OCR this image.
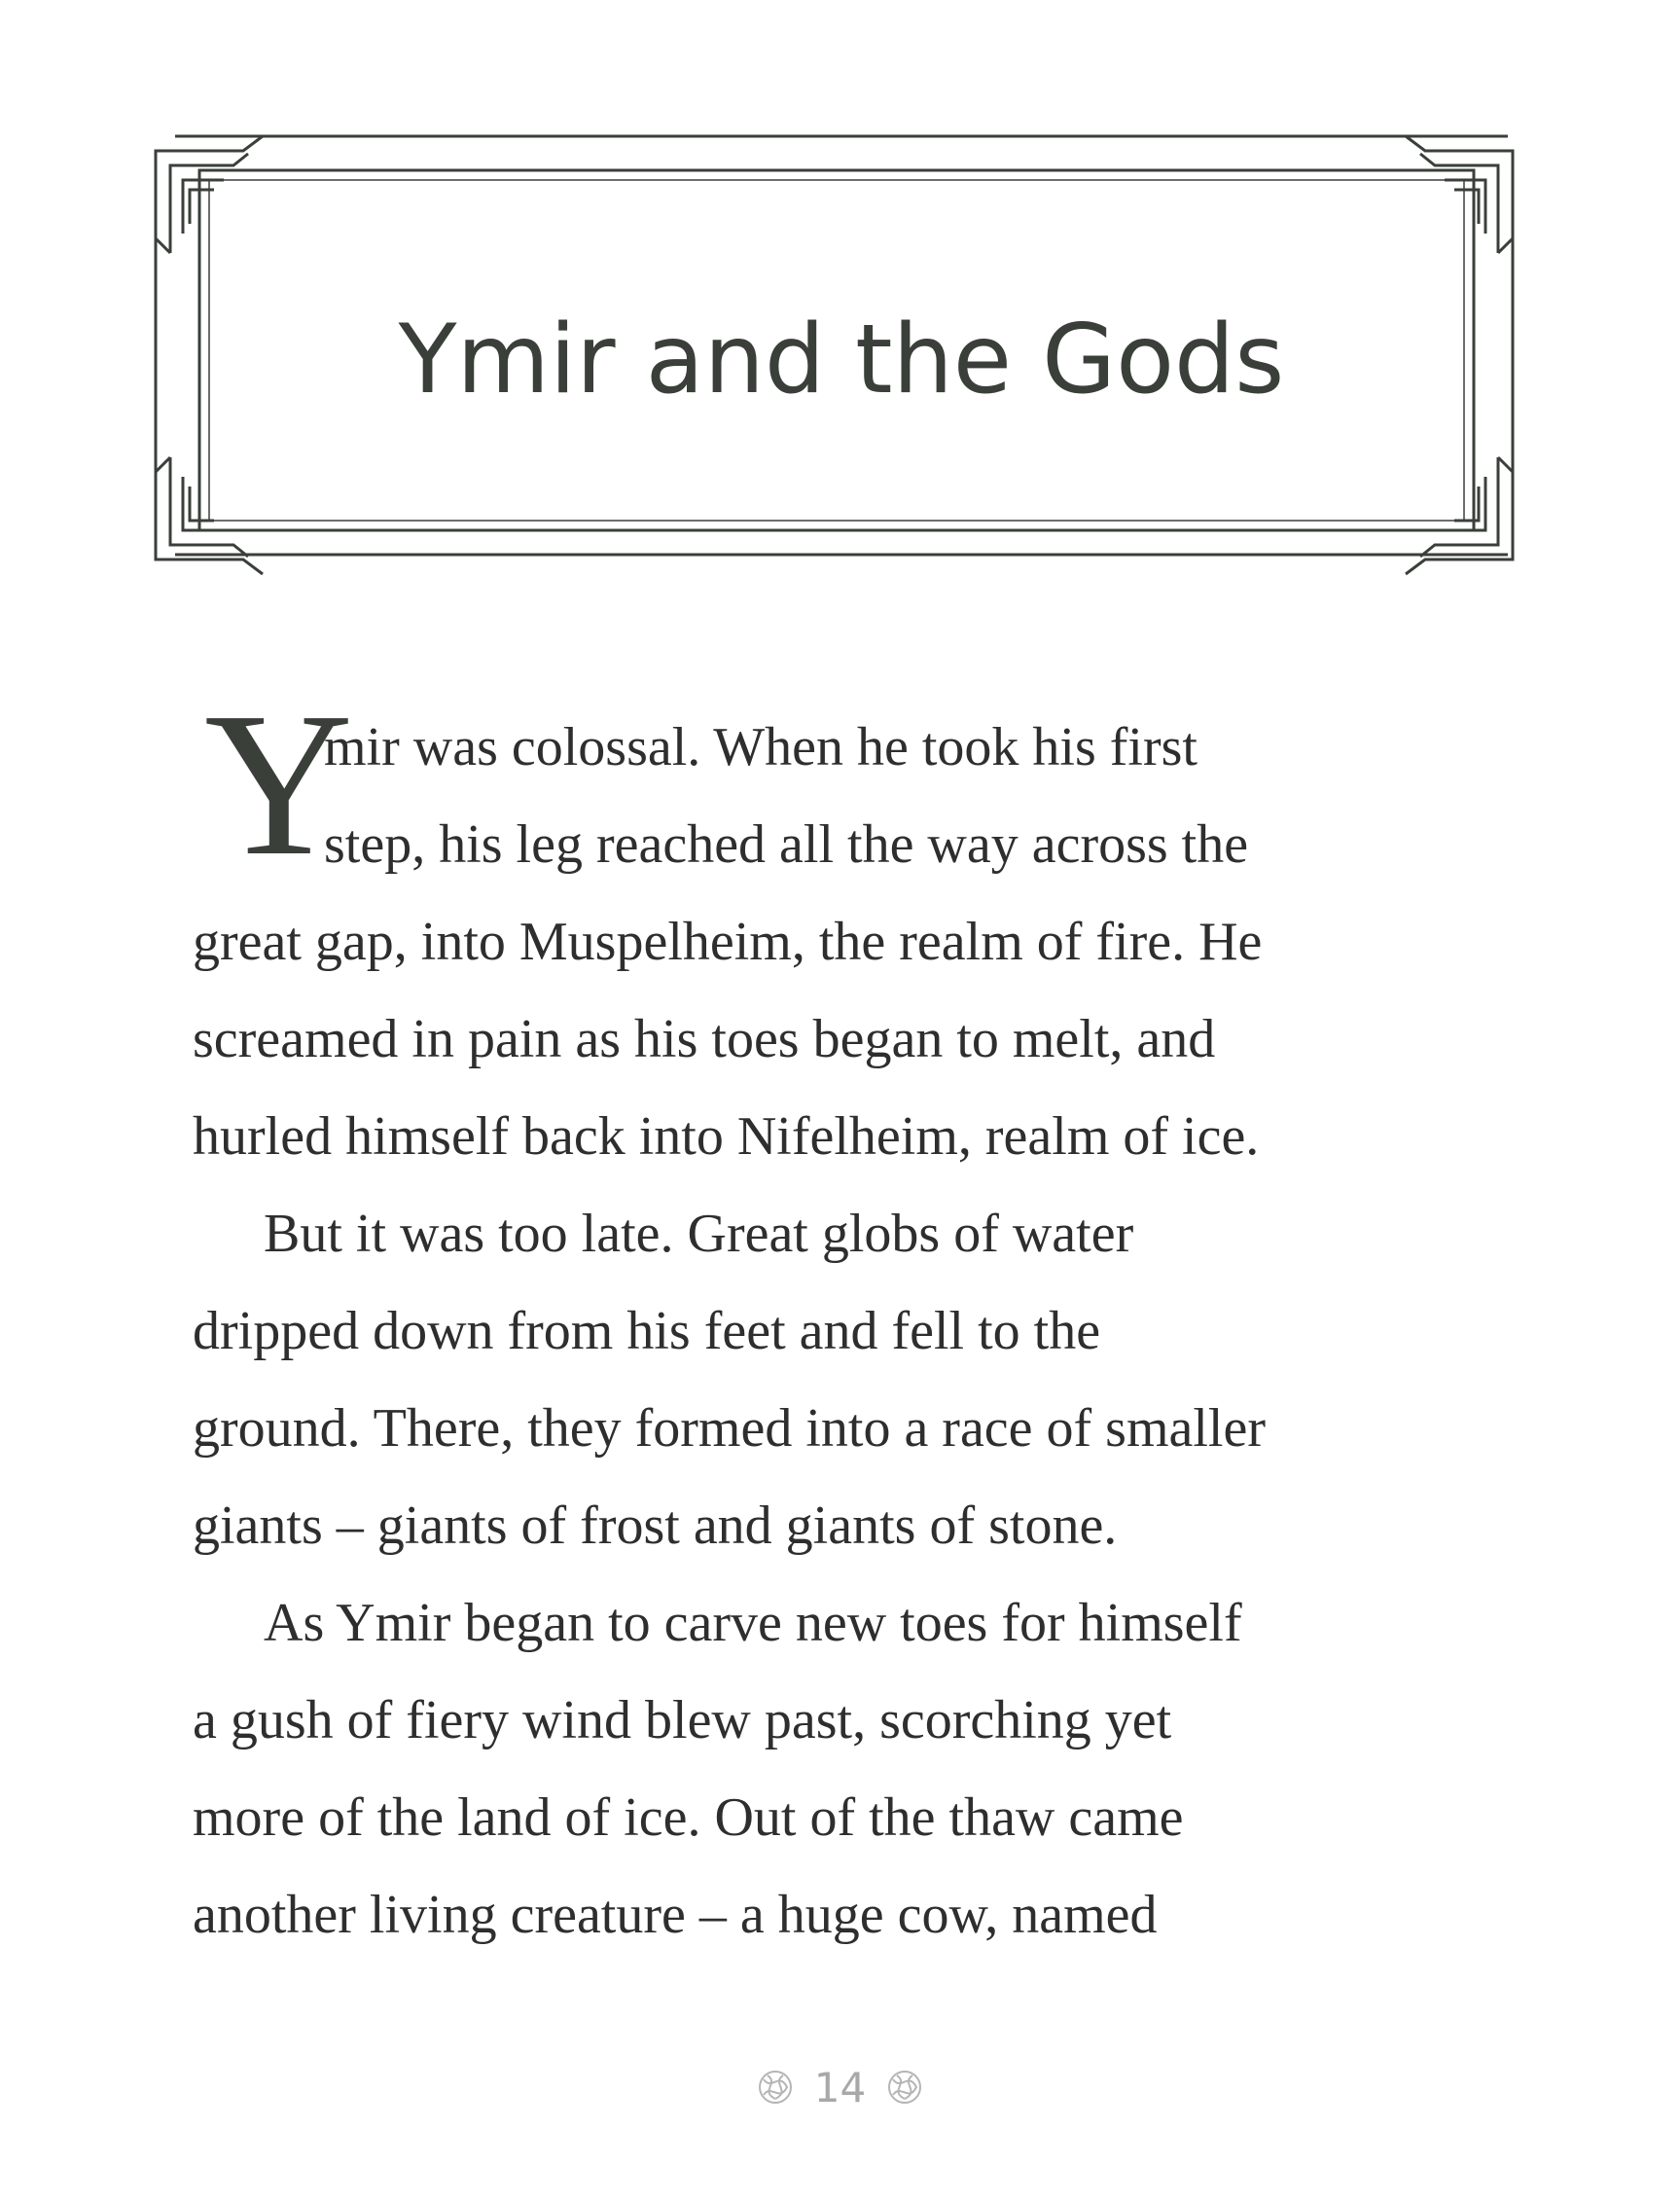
Ymir and the Gods
Y
mir was colossal. When he took his first
step, his leg reached all the way across the
great gap, into Muspelheim, the realm of fire. He
screamed in pain as his toes began to melt, and
hurled himself back into Nifelheim, realm of ice.
But it was too late. Great globs of water
dripped down from his feet and fell to the
ground. There, they formed into a race of smaller
giants – giants of frost and giants of stone.
As Ymir began to carve new toes for himself
a gush of fiery wind blew past, scorching yet
more of the land of ice. Out of the thaw came
another living creature – a huge cow, named
14
